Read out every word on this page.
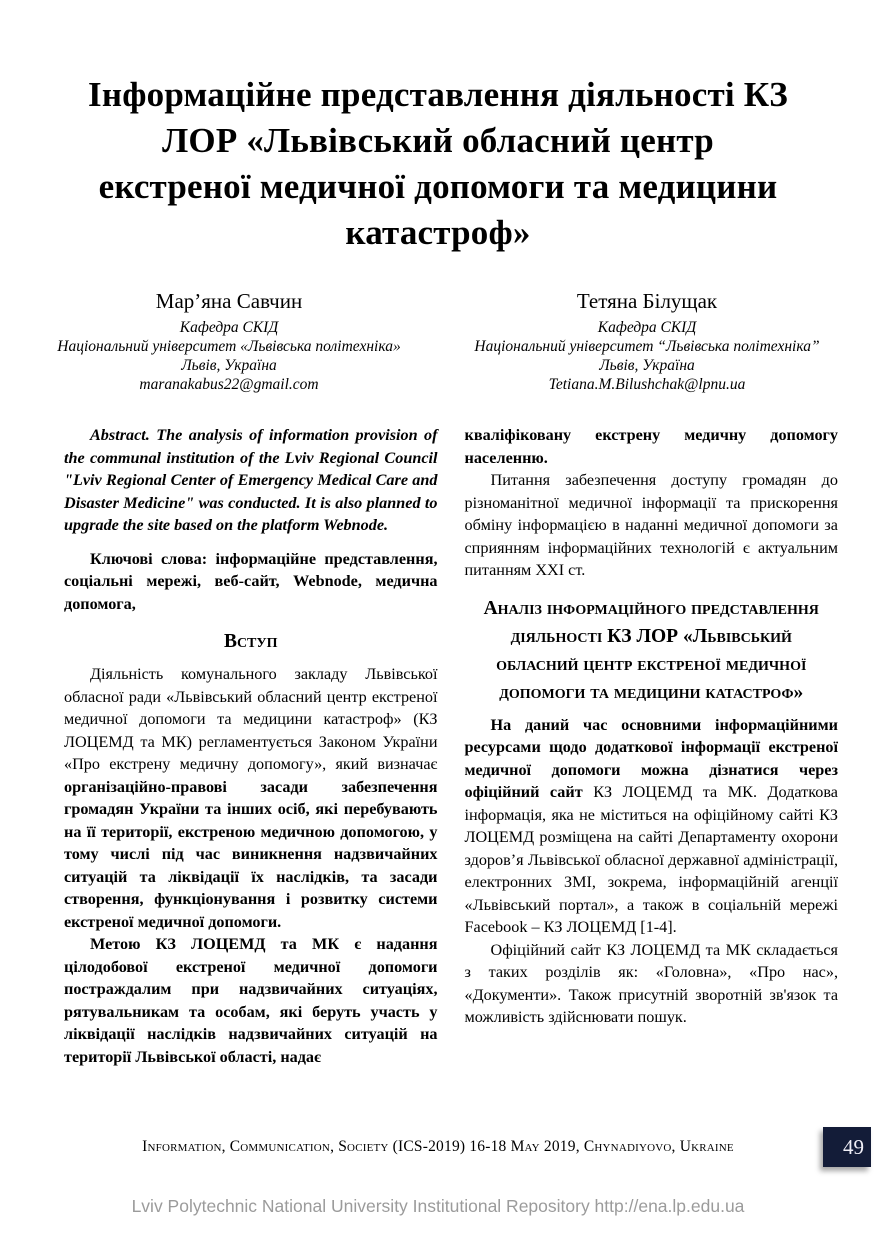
Інформаційне представлення діяльності КЗ
ЛОР «Львівський обласний центр
екстреної медичної допомоги та медицини
катастроф»
Мар’яна Савчин
Кафедра СКІД
Національний університет «Львівська політехніка»
Львів, Україна
maranakabus22@gmail.com
Тетяна Білущак
Кафедра СКІД
Національний університет “Львівська політехніка”
Львів, Україна
Tetiana.M.Bilushchak@lpnu.ua

Abstract. The analysis of information provision of the communal institution of the Lviv Regional Council "Lviv Regional Center of Emergency Medical Care and Disaster Medicine" was conducted. It is also planned to upgrade the site based on the platform Webnode.

Ключові слова: інформаційне представлення, соціальні мережі, веб-сайт, Webnode, медична допомога,

Вступ

Діяльність комунального закладу Львівської обласної ради «Львівський обласний центр екстреної медичної допомоги та медицини катастроф» (КЗ ЛОЦЕМД та МК) регламентується Законом України «Про екстрену медичну допомогу», який визначає організаційно-правові засади забезпечення громадян України та інших осіб, які перебувають на її території, екстреною медичною допомогою, у тому числі під час виникнення надзвичайних ситуацій та ліквідації їх наслідків, та засади створення, функціонування і розвитку системи екстреної медичної допомоги.

Метою КЗ ЛОЦЕМД та МК є надання цілодобової екстреної медичної допомоги постраждалим при надзвичайних ситуаціях, рятувальникам та особам, які беруть участь у ліквідації наслідків надзвичайних ситуацій на території Львівської області, надає

кваліфіковану екстрену медичну допомогу населенню.

Питання забезпечення доступу громадян до різноманітної медичної інформації та прискорення обміну інформацією в наданні медичної допомоги за сприянням інформаційних технологій є актуальним питанням XXI ст.

Аналіз інформаційного представлення діяльності КЗ ЛОР «Львівський обласний центр екстреної медичної допомоги та медицини катастроф»

На даний час основними інформаційними ресурсами щодо додаткової інформації екстреної медичної допомоги можна дізнатися через офіційний сайт КЗ ЛОЦЕМД та МК. Додаткова інформація, яка не міститься на офіційному сайті КЗ ЛОЦЕМД розміщена на сайті Департаменту охорони здоров’я Львівської обласної державної адміністрації, електронних ЗМІ, зокрема, інформаційній агенції «Львівський портал», а також в соціальній мережі Facebook – КЗ ЛОЦЕМД [1-4].

Офіційний сайт КЗ ЛОЦЕМД та МК складається з таких розділів як: «Головна», «Про нас», «Документи». Також присутній зворотній зв'язок та можливість здійснювати пошук.

Information, Communication, Society (ICS-2019) 16-18 May 2019, Chynadiyovo, Ukraine	49
Lviv Polytechnic National University Institutional Repository http://ena.lp.edu.ua
